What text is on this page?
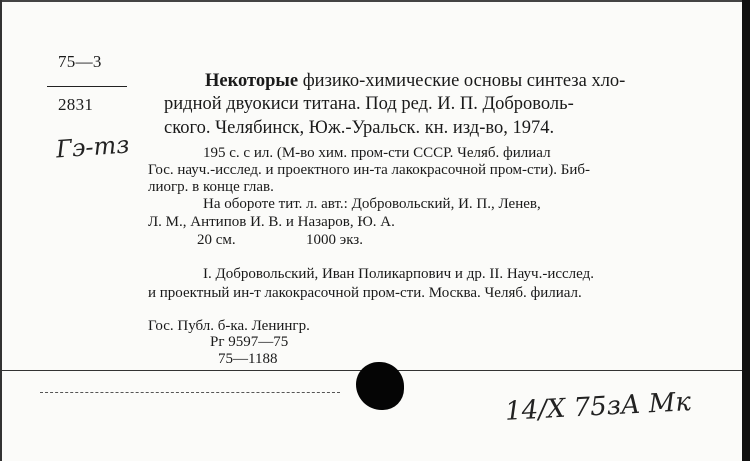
75—3
2831
Гэ-тз
Некоторые физико-химические основы синтеза хло-
ридной двуокиси титана. Под ред. И. П. Доброволь-
ского. Челябинск, Юж.-Уральск. кн. изд-во, 1974.
195 с. с ил. (М-во хим. пром-сти СССР. Челяб. филиал
Гос. науч.-исслед. и проектного ин-та лакокрасочной пром-сти). Биб-
лиогр. в конце глав.
На обороте тит. л. авт.: Добровольский, И. П., Ленев,
Л. М., Антипов И. В. и Назаров, Ю. А.
20 см.	1000 экз.
I. Добровольский, Иван Поликарпович и др. II. Науч.-исслед.
и проектный ин-т лакокрасочной пром-сти. Москва. Челяб. филиал.
Гос. Публ. б-ка. Ленингр.
Рг 9597—75
75—1188
14/Х 75зА Мк
